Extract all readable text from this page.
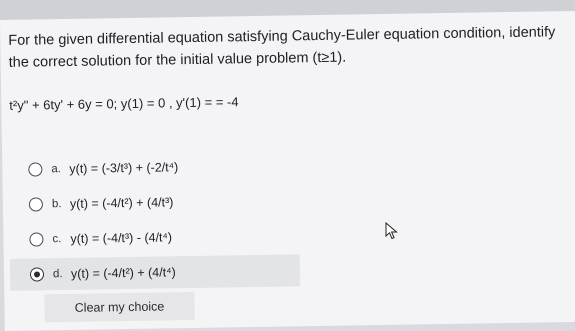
For the given differential equation satisfying Cauchy-Euler equation condition, identify the correct solution for the initial value problem (t≥1).
t²y" + 6ty' + 6y = 0; y(1) = 0 , y'(1) = = -4
a. y(t) = (-3/t³) + (-2/t⁴)
b. y(t) = (-4/t²) + (4/t³)
c. y(t) = (-4/t³) - (4/t⁴)
d. y(t) = (-4/t²) + (4/t⁴)
Clear my choice
